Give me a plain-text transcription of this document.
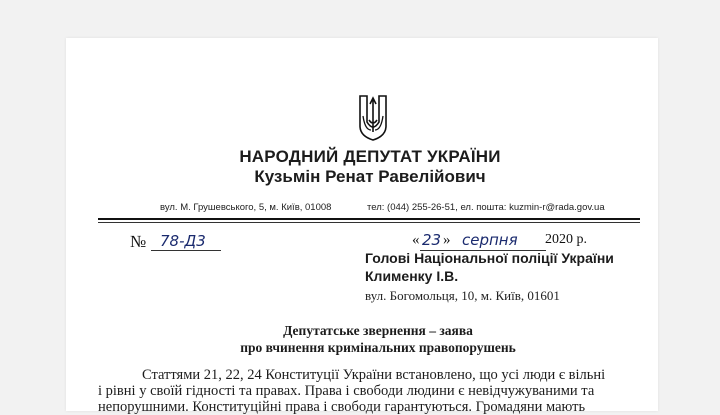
НАРОДНИЙ ДЕПУТАТ УКРАЇНИ
Кузьмін Ренат Равелійович
вул. М. Грушевського, 5, м. Київ, 01008	тел: (044) 255-26-51, ел. пошта: kuzmin-r@rada.gov.ua
№ 78-Д3	« 23 » серпня 2020 р.
Голові Національної поліції України
Клименку І.В.
вул. Богомольця, 10, м. Київ, 01601
Депутатське звернення – заява
про вчинення кримінальних правопорушень
Статтями 21, 22, 24 Конституції України встановлено, що усі люди є вільні
і рівні у своїй гідності та правах. Права і свободи людини є невідчужуваними та
непорушними. Конституційні права і свободи гарантуються. Громадяни мають
